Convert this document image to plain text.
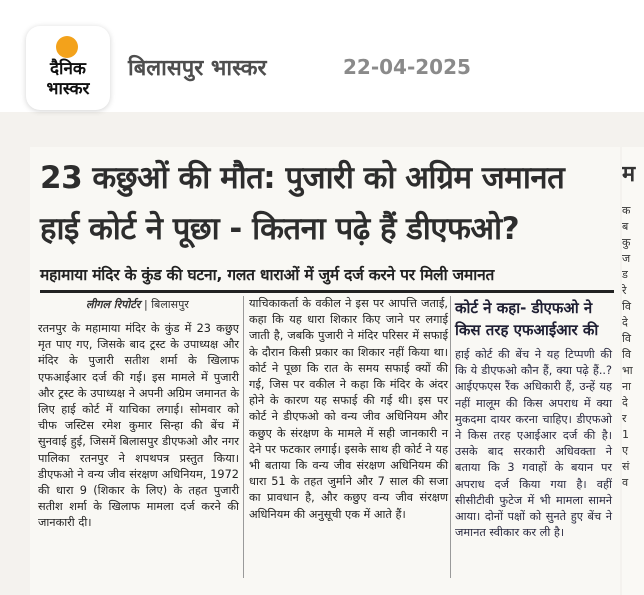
दैनिक
भास्कर
बिलासपुर भास्कर	22-04-2025
23 कछुओं की मौत: पुजारी को अग्रिम जमानत
हाई कोर्ट ने पूछा - कितना पढ़े हैं डीएफओ?
महामाया मंदिर के कुंड की घटना, गलत धाराओं में जुर्म दर्ज करने पर मिली जमानत
लीगल रिपोर्टर | बिलासपुर
रतनपुर के महामाया मंदिर के कुंड में 23 कछुए मृत पाए गए, जिसके बाद ट्रस्ट के उपाध्यक्ष और मंदिर के पुजारी सतीश शर्मा के खिलाफ एफआईआर दर्ज की गई। इस मामले में पुजारी और ट्रस्ट के उपाध्यक्ष ने अपनी अग्रिम जमानत के लिए हाई कोर्ट में याचिका लगाई। सोमवार को चीफ जस्टिस रमेश कुमार सिन्हा की बेंच में सुनवाई हुई, जिसमें बिलासपुर डीएफओ और नगर पालिका रतनपुर ने शपथपत्र प्रस्तुत किया। डीएफओ ने वन्य जीव संरक्षण अधिनियम, 1972 की धारा 9 (शिकार के लिए) के तहत पुजारी सतीश शर्मा के खिलाफ मामला दर्ज करने की जानकारी दी।
याचिकाकर्ता के वकील ने इस पर आपत्ति जताई, कहा कि यह धारा शिकार किए जाने पर लगाई जाती है, जबकि पुजारी ने मंदिर परिसर में सफाई के दौरान किसी प्रकार का शिकार नहीं किया था। कोर्ट ने पूछा कि रात के समय सफाई क्यों की गई, जिस पर वकील ने कहा कि मंदिर के अंदर होने के कारण यह सफाई की गई थी। इस पर कोर्ट ने डीएफओ को वन्य जीव अधिनियम और कछुए के संरक्षण के मामले में सही जानकारी न देने पर फटकार लगाई। इसके साथ ही कोर्ट ने यह भी बताया कि वन्य जीव संरक्षण अधिनियम की धारा 51 के तहत जुर्माने और 7 साल की सजा का प्रावधान है, और कछुए वन्य जीव संरक्षण अधिनियम की अनुसूची एक में आते हैं।
कोर्ट ने कहा- डीएफओ ने किस तरह एफआईआर की
हाई कोर्ट की बेंच ने यह टिप्पणी की कि ये डीएफओ कौन हैं, क्या पढ़े हैं..? आईएफएस रैंक अधिकारी हैं, उन्हें यह नहीं मालूम की किस अपराध में क्या मुकदमा दायर करना चाहिए। डीएफओ ने किस तरह एआईआर दर्ज की है। उसके बाद सरकारी अधिवक्ता ने बताया कि 3 गवाहों के बयान पर अपराध दर्ज किया गया है। वहीं सीसीटीवी फुटेज में भी मामला सामने आया। दोनों पक्षों को सुनते हुए बेंच ने जमानत स्वीकार कर ली है।
म
क
ब
कु
ज
ड
रे
वि
दे
वि
वि
भा
ना
दे
र
1
ए
सं
व
